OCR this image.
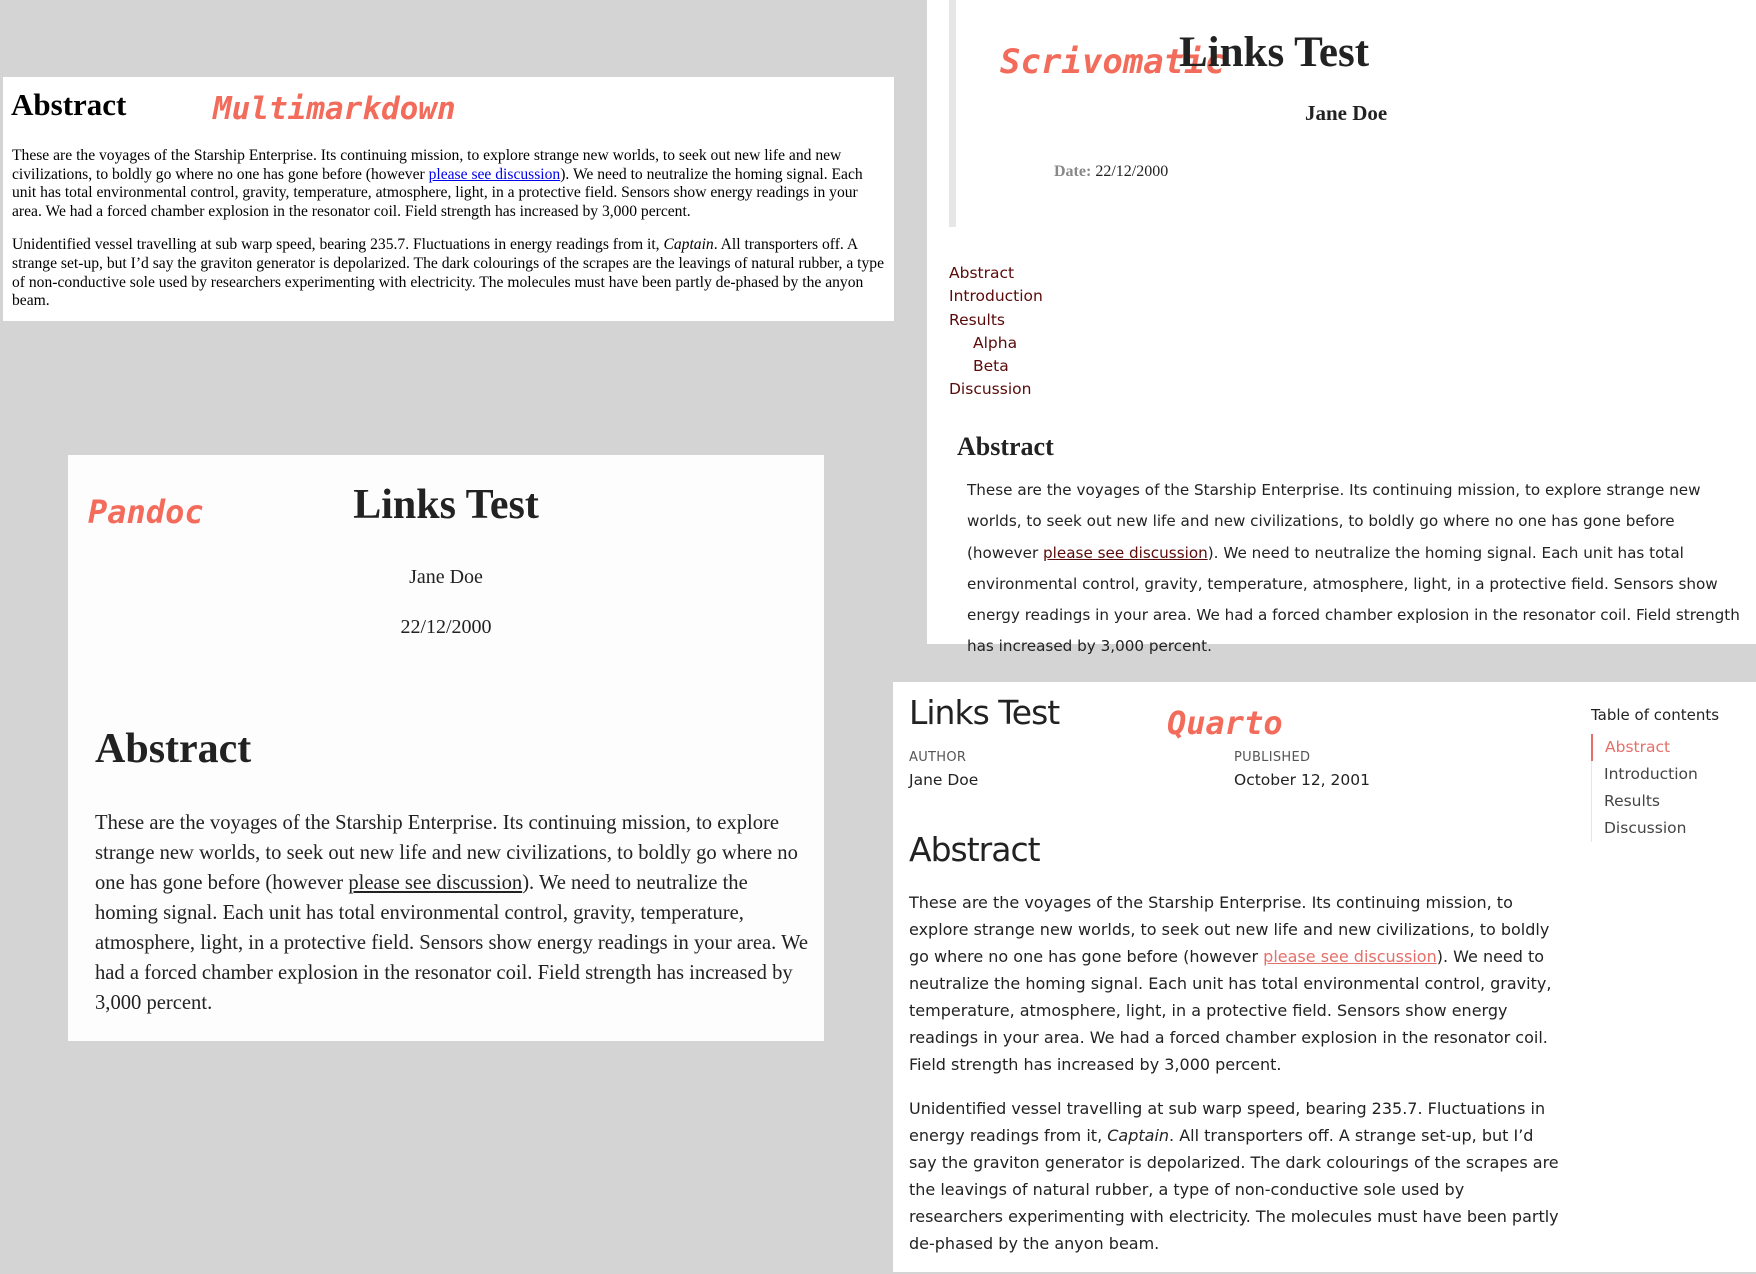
Abstract	Multimarkdown

These are the voyages of the Starship Enterprise. Its continuing mission, to explore strange new worlds, to seek out new life and new civilizations, to boldly go where no one has gone before (however please see discussion). We need to neutralize the homing signal. Each unit has total environmental control, gravity, temperature, atmosphere, light, in a protective field. Sensors show energy readings in your area. We had a forced chamber explosion in the resonator coil. Field strength has increased by 3,000 percent.

Unidentified vessel travelling at sub warp speed, bearing 235.7. Fluctuations in energy readings from it, Captain. All transporters off. A strange set-up, but I’d say the graviton generator is depolarized. The dark colourings of the scrapes are the leavings of natural rubber, a type of non-conductive sole used by researchers experimenting with electricity. The molecules must have been partly de-phased by the anyon beam.

Scrivomatic
Links Test
Jane Doe
Date: 22/12/2000
Abstract
Introduction
Results
Alpha
Beta
Discussion
Abstract

These are the voyages of the Starship Enterprise. Its continuing mission, to explore strange new worlds, to seek out new life and new civilizations, to boldly go where no one has gone before (however please see discussion). We need to neutralize the homing signal. Each unit has total environmental control, gravity, temperature, atmosphere, light, in a protective field. Sensors show energy readings in your area. We had a forced chamber explosion in the resonator coil. Field strength has increased by 3,000 percent.

Links Test
Pandoc
Jane Doe
22/12/2000
Abstract

These are the voyages of the Starship Enterprise. Its continuing mission, to explore strange new worlds, to seek out new life and new civilizations, to boldly go where no one has gone before (however please see discussion). We need to neutralize the homing signal. Each unit has total environmental control, gravity, temperature, atmosphere, light, in a protective field. Sensors show energy readings in your area. We had a forced chamber explosion in the resonator coil. Field strength has increased by 3,000 percent.

Links Test	Quarto
AUTHOR
Jane Doe
PUBLISHED
October 12, 2001
Abstract

These are the voyages of the Starship Enterprise. Its continuing mission, to explore strange new worlds, to seek out new life and new civilizations, to boldly go where no one has gone before (however please see discussion). We need to neutralize the homing signal. Each unit has total environmental control, gravity, temperature, atmosphere, light, in a protective field. Sensors show energy readings in your area. We had a forced chamber explosion in the resonator coil. Field strength has increased by 3,000 percent.

Unidentified vessel travelling at sub warp speed, bearing 235.7. Fluctuations in energy readings from it, Captain. All transporters off. A strange set-up, but I’d say the graviton generator is depolarized. The dark colourings of the scrapes are the leavings of natural rubber, a type of non-conductive sole used by researchers experimenting with electricity. The molecules must have been partly de-phased by the anyon beam.

Table of contents
Abstract
Introduction
Results
Discussion
